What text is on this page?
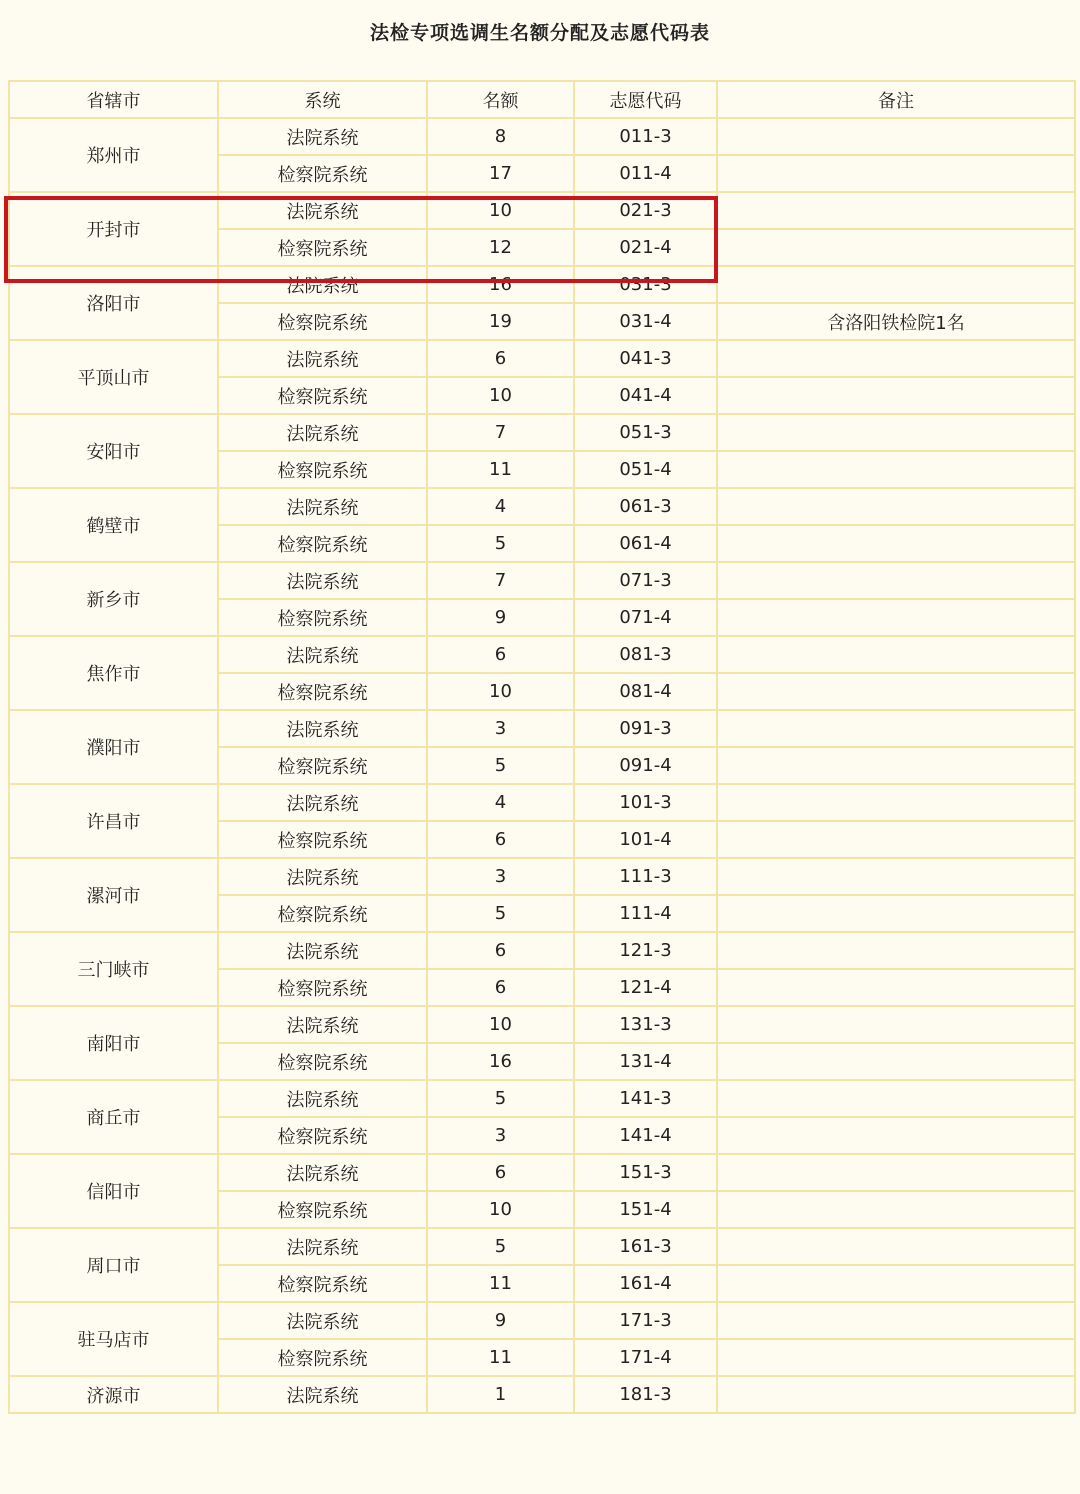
法检专项选调生名额分配及志愿代码表
省辖市	系统	名额	志愿代码	备注
郑州市	法院系统	8	011-3	
	检察院系统	17	011-4	
开封市	法院系统	10	021-3	
	检察院系统	12	021-4	
洛阳市	法院系统	16	031-3	
	检察院系统	19	031-4	含洛阳铁检院1名
平顶山市	法院系统	6	041-3	
	检察院系统	10	041-4	
安阳市	法院系统	7	051-3	
	检察院系统	11	051-4	
鹤壁市	法院系统	4	061-3	
	检察院系统	5	061-4	
新乡市	法院系统	7	071-3	
	检察院系统	9	071-4	
焦作市	法院系统	6	081-3	
	检察院系统	10	081-4	
濮阳市	法院系统	3	091-3	
	检察院系统	5	091-4	
许昌市	法院系统	4	101-3	
	检察院系统	6	101-4	
漯河市	法院系统	3	111-3	
	检察院系统	5	111-4	
三门峡市	法院系统	6	121-3	
	检察院系统	6	121-4	
南阳市	法院系统	10	131-3	
	检察院系统	16	131-4	
商丘市	法院系统	5	141-3	
	检察院系统	3	141-4	
信阳市	法院系统	6	151-3	
	检察院系统	10	151-4	
周口市	法院系统	5	161-3	
	检察院系统	11	161-4	
驻马店市	法院系统	9	171-3	
	检察院系统	11	171-4	
济源市	法院系统	1	181-3	
